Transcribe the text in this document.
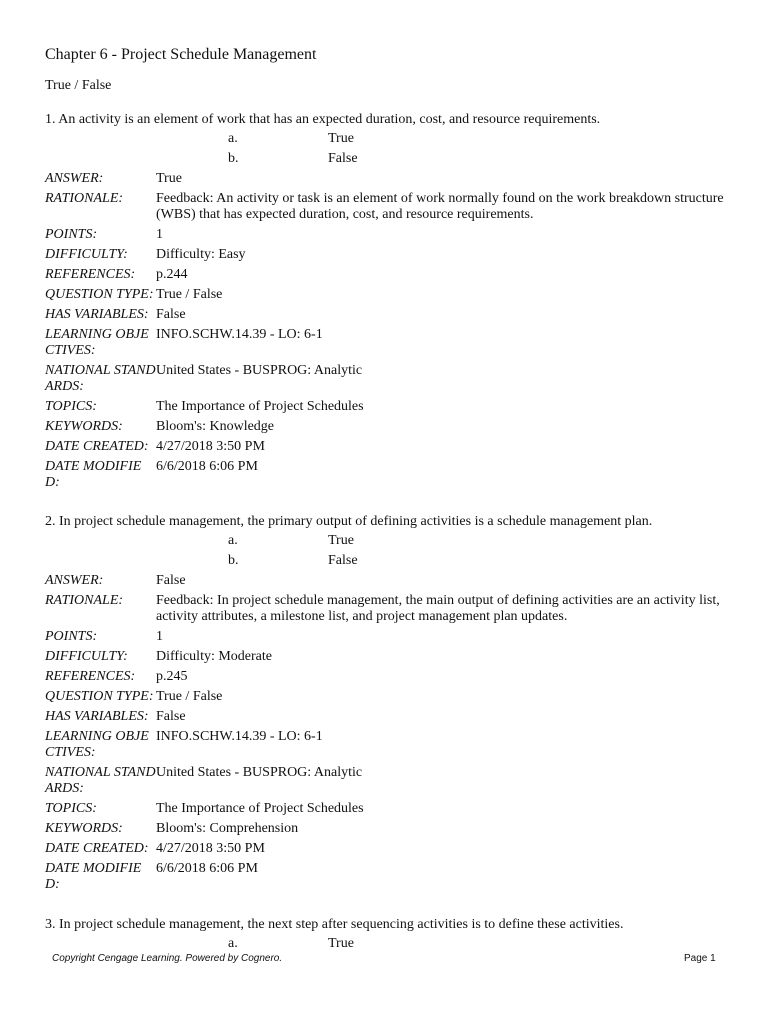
Chapter 6 - Project Schedule Management
True / False
1. An activity is an element of work that has an expected duration, cost, and resource requirements.
a.	True
b.	False
ANSWER:	True
RATIONALE:	Feedback: An activity or task is an element of work normally found on the work breakdown structure (WBS) that has expected duration, cost, and resource requirements.
POINTS:	1
DIFFICULTY:	Difficulty: Easy
REFERENCES:	p.244
QUESTION TYPE: True / False
HAS VARIABLES: False
LEARNING OBJE CTIVES:
INFO.SCHW.14.39 - LO: 6-1
NATIONAL STAND ARDS:
United States - BUSPROG: Analytic
TOPICS:	The Importance of Project Schedules
KEYWORDS:	Bloom's: Knowledge
DATE CREATED: 4/27/2018 3:50 PM
DATE MODIFIED:
6/6/2018 6:06 PM
2. In project schedule management, the primary output of defining activities is a schedule management plan.
a.	True
b.	False
ANSWER:	False
RATIONALE:	Feedback: In project schedule management, the main output of defining activities are an activity list, activity attributes, a milestone list, and project management plan updates.
POINTS:	1
DIFFICULTY:	Difficulty: Moderate
REFERENCES:	p.245
QUESTION TYPE: True / False
HAS VARIABLES: False
LEARNING OBJE CTIVES:
INFO.SCHW.14.39 - LO: 6-1
NATIONAL STAND ARDS:
United States - BUSPROG: Analytic
TOPICS:	The Importance of Project Schedules
KEYWORDS:	Bloom's: Comprehension
DATE CREATED: 4/27/2018 3:50 PM
DATE MODIFIED:
6/6/2018 6:06 PM
3. In project schedule management, the next step after sequencing activities is to define these activities.
a.	True
Copyright Cengage Learning. Powered by Cognero.	Page 1
